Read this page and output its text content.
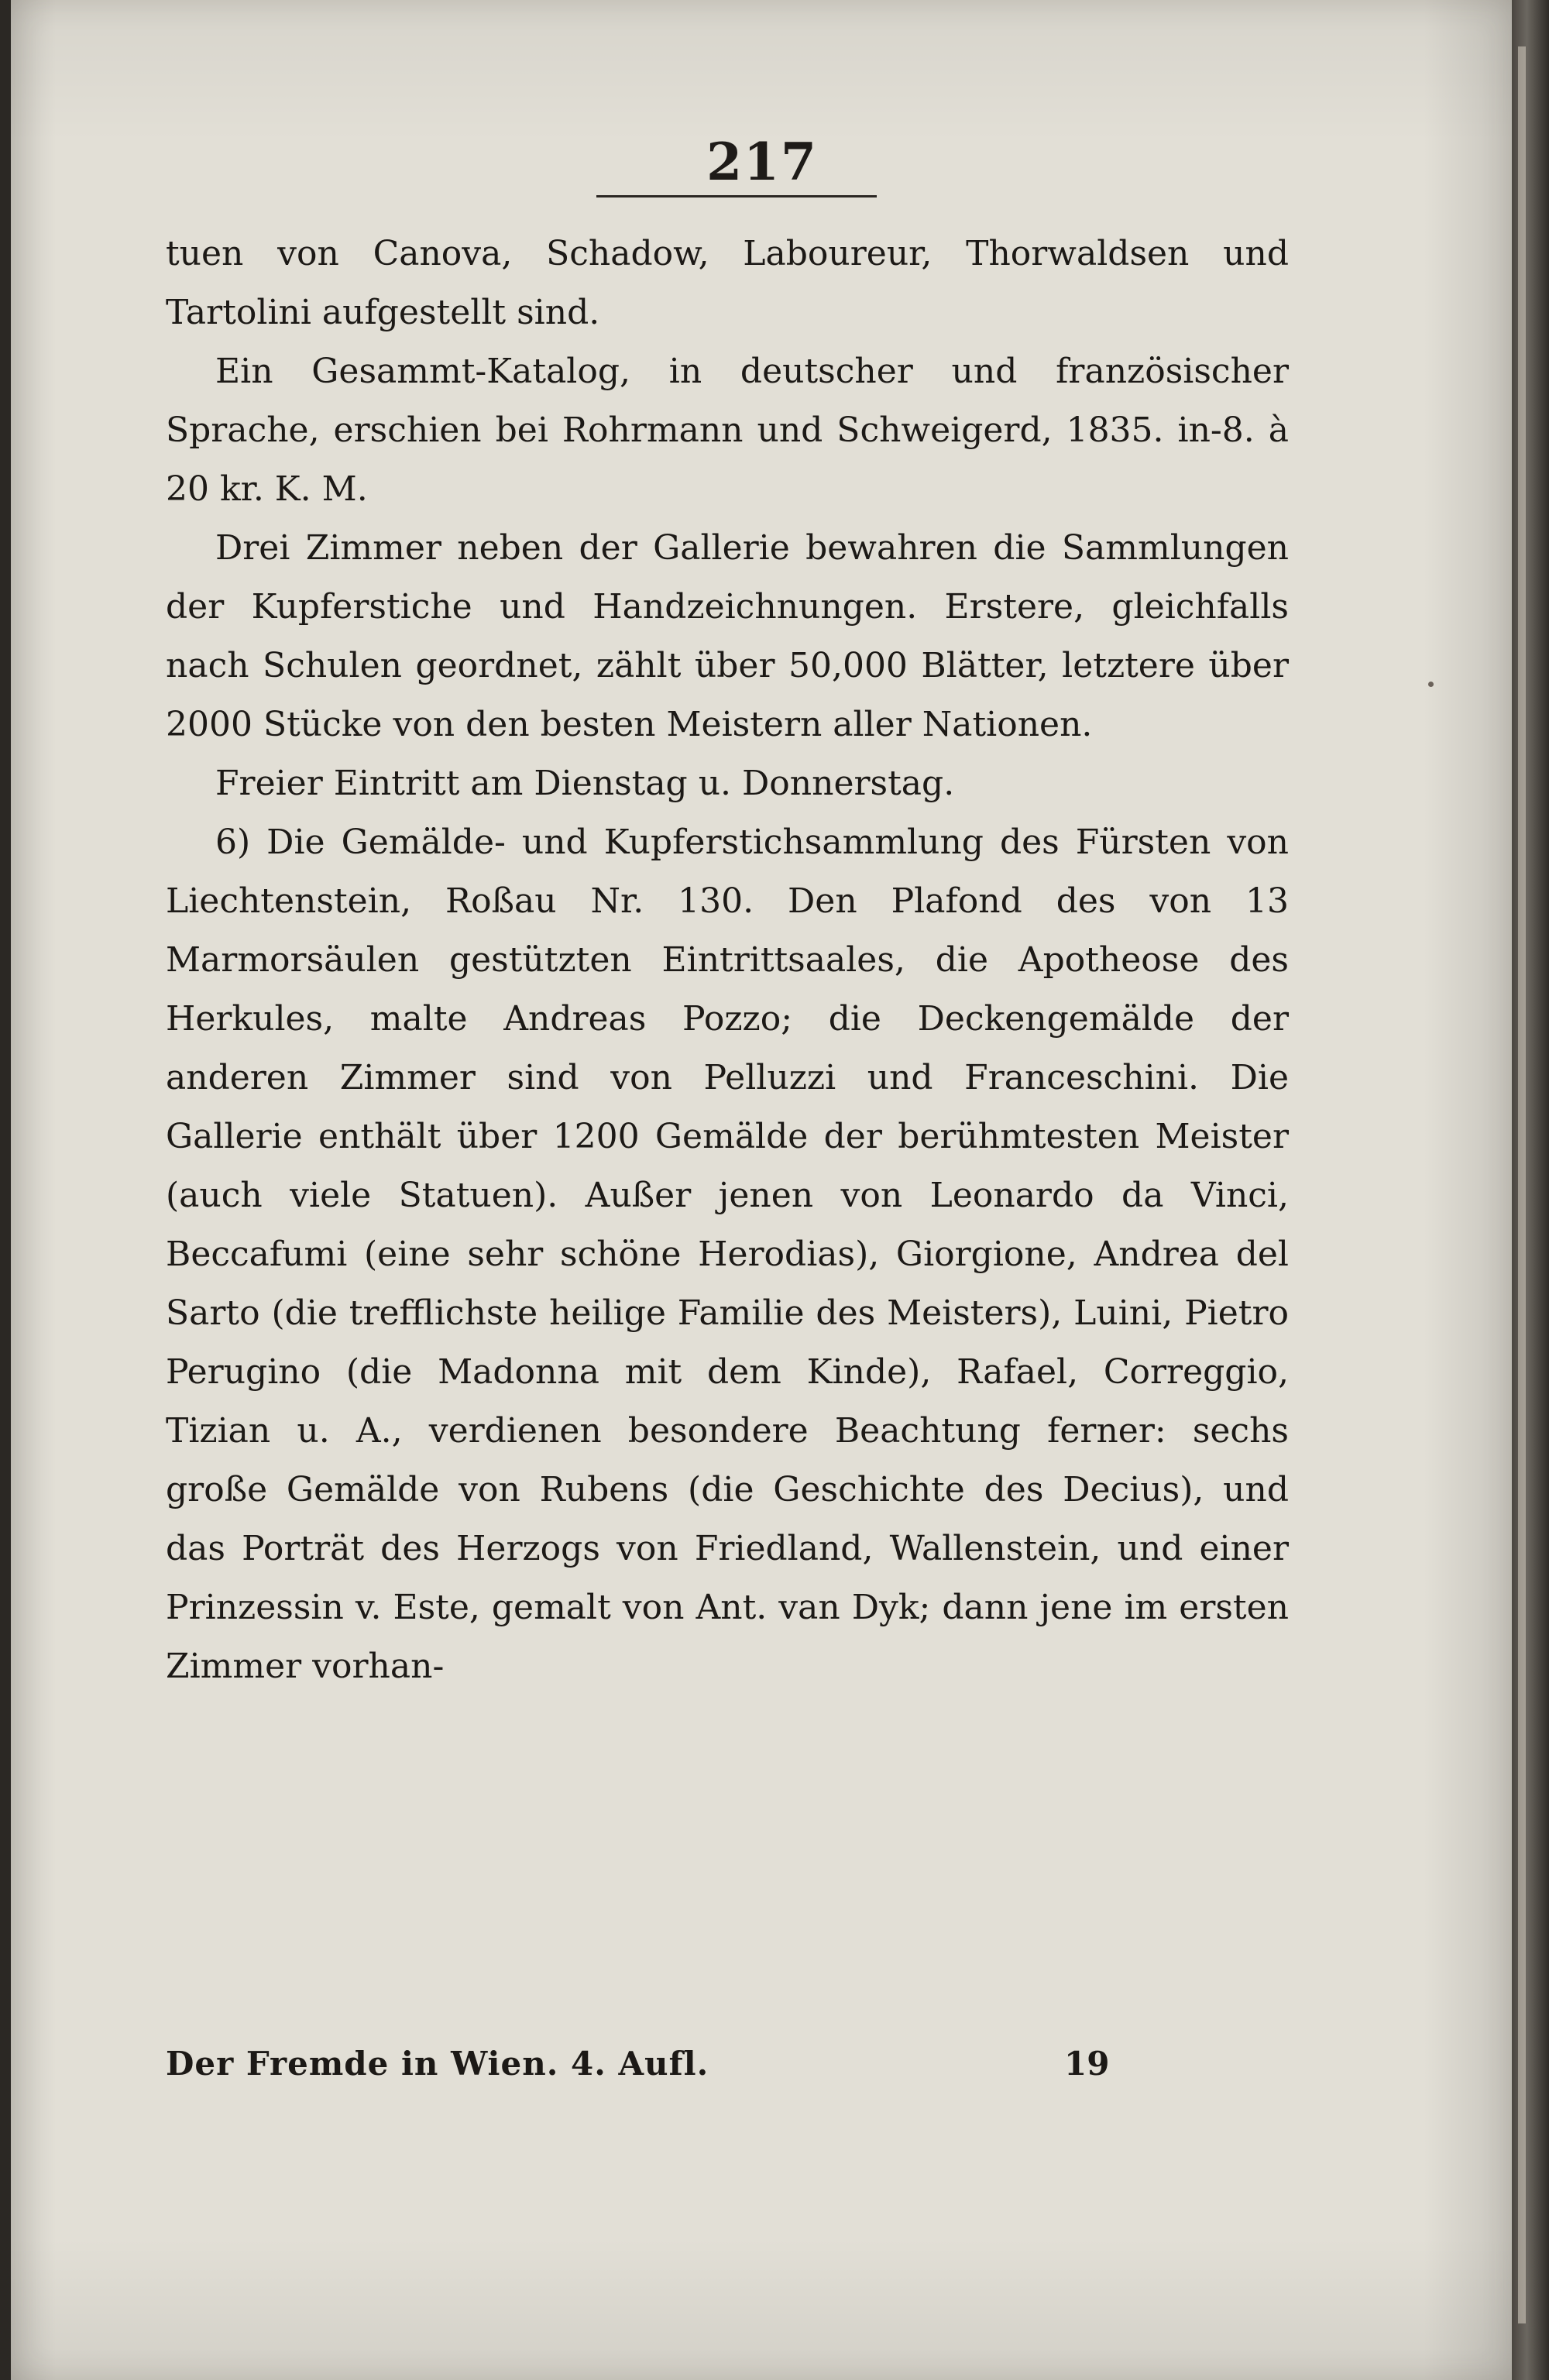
217

tuen von Canova, Schadow, Laboureur, Thorwaldsen und Tartolini aufgestellt sind.

Ein Gesammt-Katalog, in deutscher und französischer Sprache, erschien bei Rohrmann und Schweigerd, 1835. in-8. à 20 kr. K. M.

Drei Zimmer neben der Gallerie bewahren die Sammlungen der Kupferstiche und Handzeichnungen. Erstere, gleichfalls nach Schulen geordnet, zählt über 50,000 Blätter, letztere über 2000 Stücke von den besten Meistern aller Nationen.

Freier Eintritt am Dienstag u. Donnerstag.

6) Die Gemälde- und Kupferstichsammlung des Fürsten von Liechtenstein, Roßau Nr. 130. Den Plafond des von 13 Marmorsäulen gestützten Eintrittsaales, die Apotheose des Herkules, malte Andreas Pozzo; die Deckengemälde der anderen Zimmer sind von Pelluzzi und Franceschini. Die Gallerie enthält über 1200 Gemälde der berühmtesten Meister (auch viele Statuen). Außer jenen von Leonardo da Vinci, Beccafumi (eine sehr schöne Herodias), Giorgione, Andrea del Sarto (die trefflichste heilige Familie des Meisters), Luini, Pietro Perugino (die Madonna mit dem Kinde), Rafael, Correggio, Tizian u. A., verdienen besondere Beachtung ferner: sechs große Gemälde von Rubens (die Geschichte des Decius), und das Porträt des Herzogs von Friedland, Wallenstein, und einer Prinzessin v. Este, gemalt von Ant. van Dyk; dann jene im ersten Zimmer vorhan-

Der Fremde in Wien. 4. Aufl.	19
